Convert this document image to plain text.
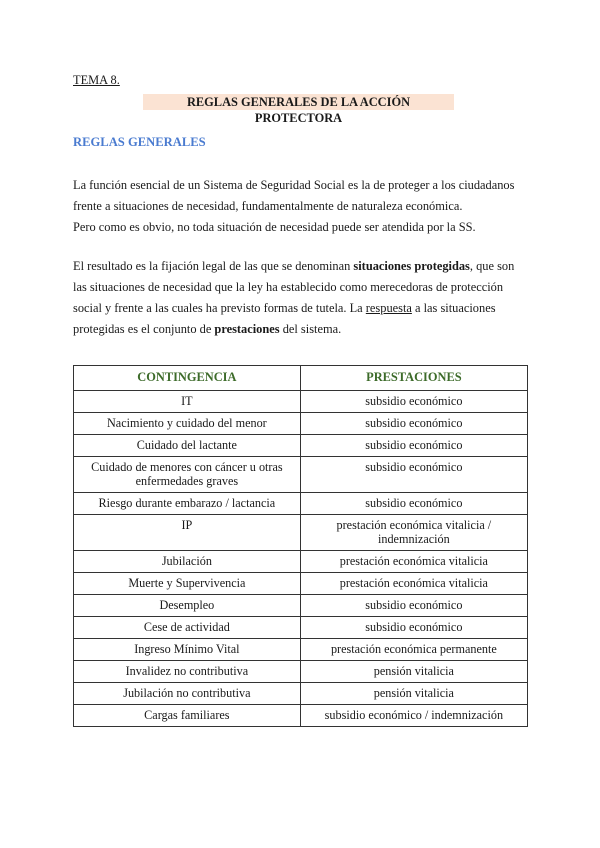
TEMA 8.
REGLAS GENERALES DE LA ACCIÓN PROTECTORA
REGLAS GENERALES
La función esencial de un Sistema de Seguridad Social es la de proteger a los ciudadanos
frente a situaciones de necesidad, fundamentalmente de naturaleza económica.
Pero como es obvio, no toda situación de necesidad puede ser atendida por la SS.

El resultado es la fijación legal de las que se denominan situaciones protegidas, que son las situaciones de necesidad que la ley ha establecido como merecedoras de protección social y frente a las cuales ha previsto formas de tutela. La respuesta a las situaciones protegidas es el conjunto de prestaciones del sistema.

CONTINGENCIA	PRESTACIONES
IT	subsidio económico
Nacimiento y cuidado del menor	subsidio económico
Cuidado del lactante	subsidio económico
Cuidado de menores con cáncer u otras enfermedades graves	subsidio económico
Riesgo durante embarazo / lactancia	subsidio económico
IP	prestación económica vitalicia / indemnización
Jubilación	prestación económica vitalicia
Muerte y Supervivencia	prestación económica vitalicia
Desempleo	subsidio económico
Cese de actividad	subsidio económico
Ingreso Mínimo Vital	prestación económica permanente
Invalidez no contributiva	pensión vitalicia
Jubilación no contributiva	pensión vitalicia
Cargas familiares	subsidio económico / indemnización
